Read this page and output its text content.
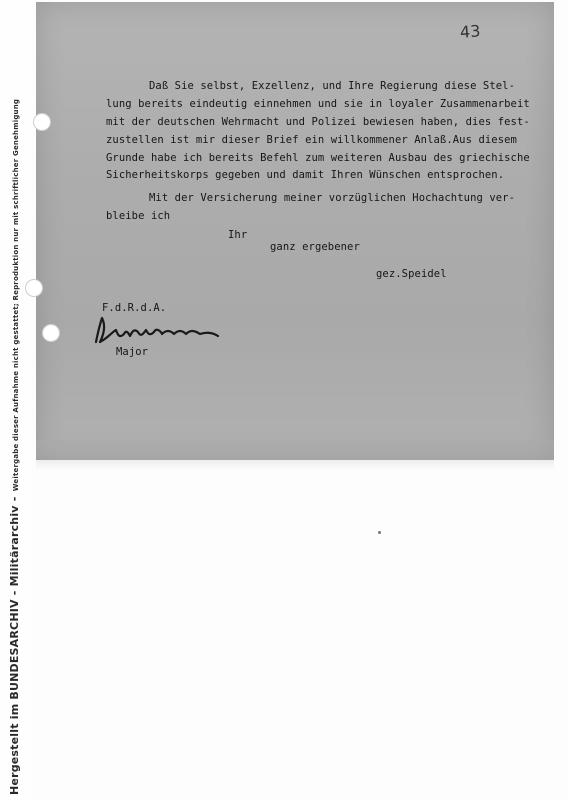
Hergestellt im BUNDESARCHIV - Militärarchiv - Weitergabe dieser Aufnahme nicht gestattet; Reproduktion nur mit schriftlicher Genehmigung
43
Daß Sie selbst, Exzellenz, und Ihre Regierung diese Stel-
lung bereits eindeutig einnehmen und sie in loyaler Zusammenarbeit
mit der deutschen Wehrmacht und Polizei bewiesen haben, dies fest-
zustellen ist mir dieser Brief ein willkommener Anlaß.Aus diesem
Grunde habe ich bereits Befehl zum weiteren Ausbau des griechische
Sicherheitskorps gegeben und damit Ihren Wünschen entsprochen.
Mit der Versicherung meiner vorzüglichen Hochachtung ver-
bleibe ich
Ihr
ganz ergebener
gez.Speidel
F.d.R.d.A.
Major
